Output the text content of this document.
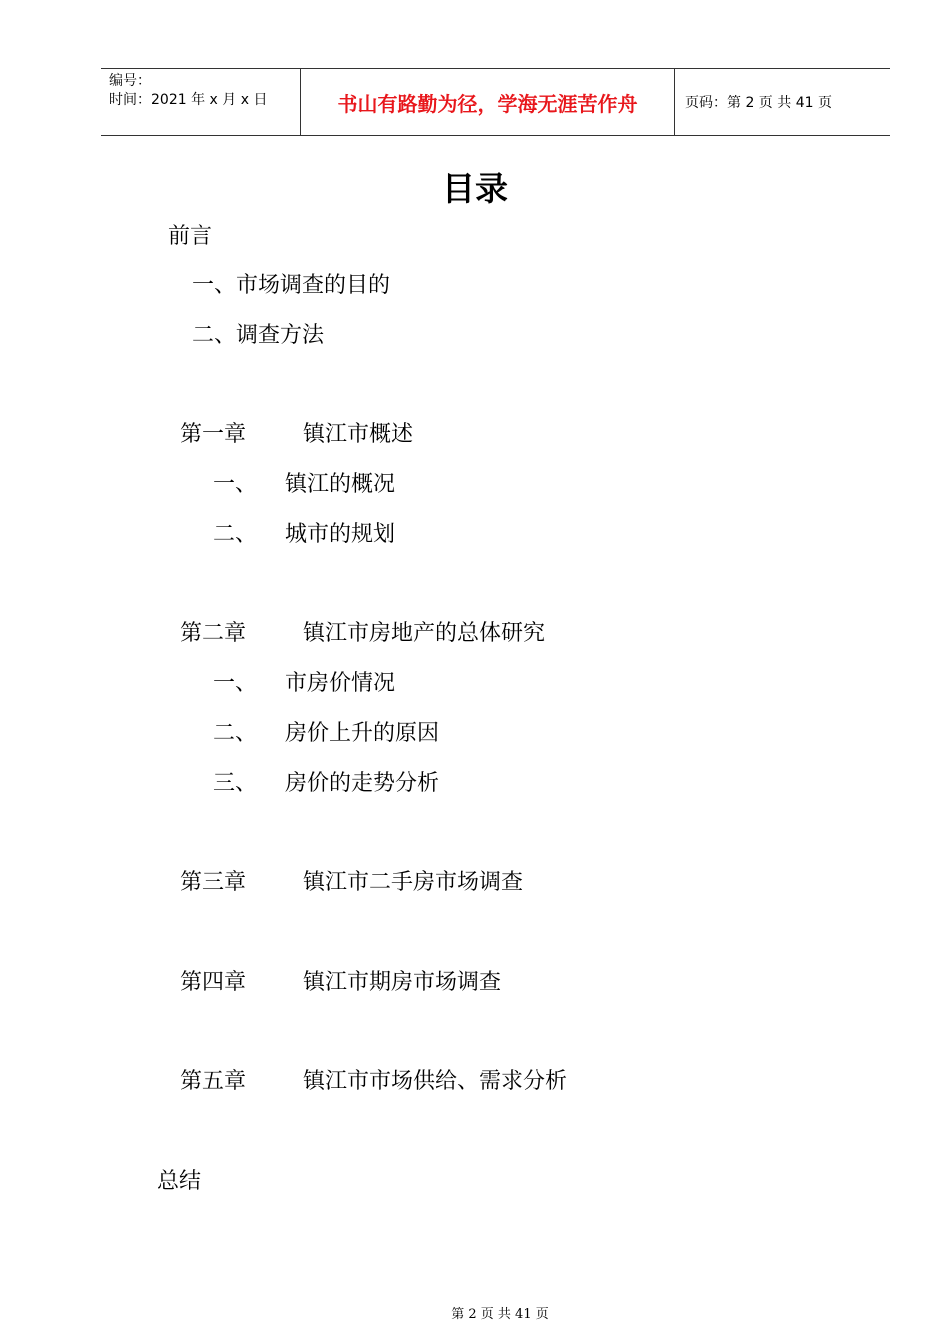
编号：
时间：2021 年 x 月 x 日	书山有路勤为径，学海无涯苦作舟	页码：第 2 页 共 41 页
目录
前言
一、市场调查的目的
二、调查方法
第一章	镇江市概述
一、 镇江的概况
二、 城市的规划
第二章	镇江市房地产的总体研究
一、 市房价情况
二、 房价上升的原因
三、 房价的走势分析
第三章	镇江市二手房市场调查
第四章	镇江市期房市场调查
第五章	镇江市市场供给、需求分析
总结
第 2 页 共 41 页
